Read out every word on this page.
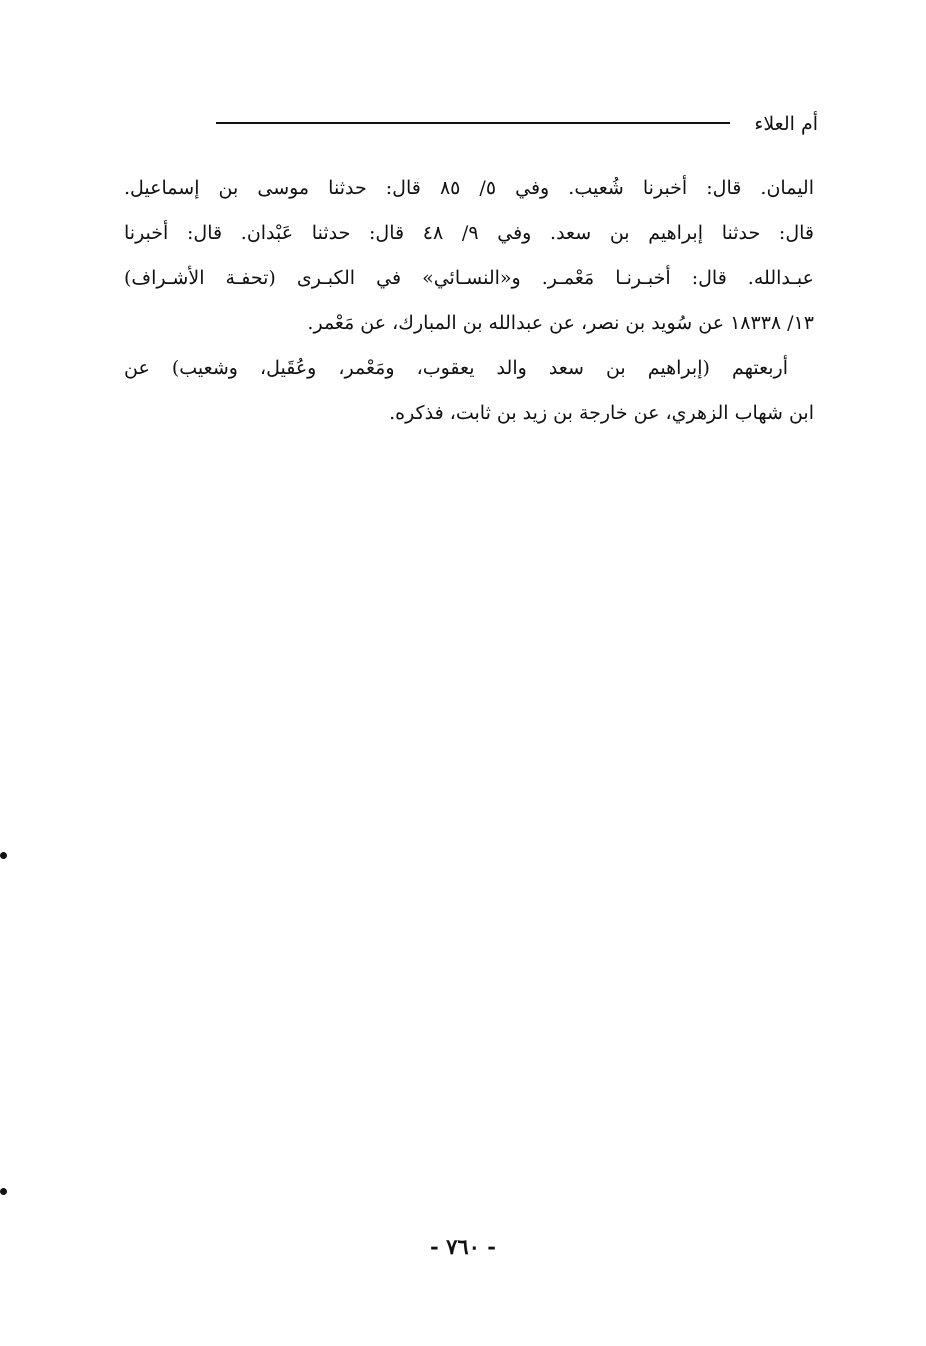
أم العلاء

اليمان. قال: أخبرنا شُعيب. وفي ٥/ ٨٥ قال: حدثنا موسى بن إسماعيل.
قال: حدثنا إبراهيم بن سعد. وفي ٩/ ٤٨ قال: حدثنا عَبْدان. قال: أخبرنا
عبـدالله. قال: أخبـرنـا مَعْمـر. و«النسـائي» في الكبـرى (تحفـة الأشـراف)
١٣/ ١٨٣٣٨ عن سُويد بن نصر، عن عبدالله بن المبارك، عن مَعْمر.

أربعتهم (إبراهيم بن سعد والد يعقوب، ومَعْمر، وعُقَيل، وشعيب) عن
ابن شهاب الزهري، عن خارجة بن زيد بن ثابت، فذكره.

- ٧٦٠ -
